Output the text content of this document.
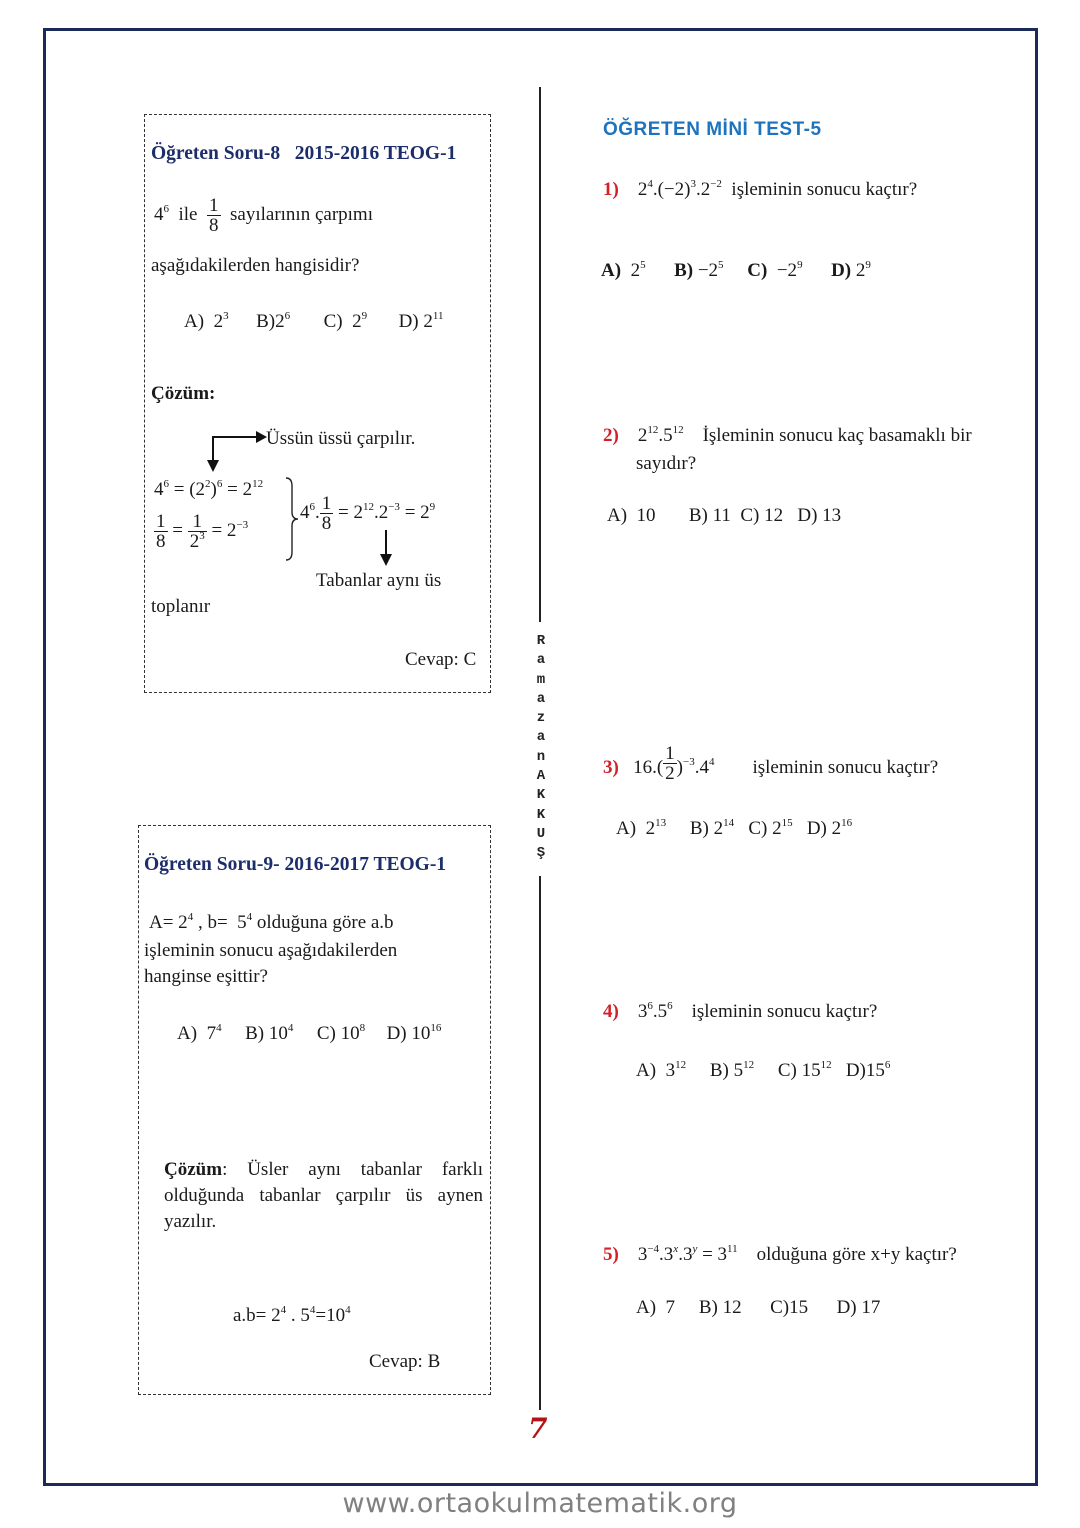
R
a
m
a
z
a
n
A
K
K
U
Ş
Öğreten Soru-8   2015-2016 TEOG-1
$4^6$ ile $\frac{1}{8}$ sayılarının çarpımı
aşağıdakilerden hangisidir?
A) $2^3$ $B)2^6$ C) $2^9$ D) $2^{11}$
Çözüm:
Üssün üssü çarpılır.
$4^6 = (2^2)^6 = 2^{12}$
$\frac{1}{8} = \frac{1}{2^3} = 2^{-3}$
$4^6$. $\frac{1}{8} = 2^{12}.2^{-3} = 2^9$
Tabanlar aynı üs
toplanır
Cevap: C
Öğreten Soru-9- 2016-2017 TEOG-1
$A= 2^4$ , $b= 5^4$ olduğuna göre a.b
işleminin sonucu aşağıdakilerden
hanginse eşittir?
A) $7^4$ B) $10^4$ C) $10^8$ D) $10^{16}$
Çözüm: Üsler aynı tabanlar farklı olduğunda tabanlar çarpılır üs aynen yazılır.
$a.b= 2^4$ . $5^4=10^4$
Cevap: B
ÖĞRETEN MİNİ TEST-5
1)    $2^4.(-2)^3.2^{-2}$ işleminin sonucu kaçtır?

A) $2^5$ $B) -2^5$ $C) -2^9$ D) $2^9$
2)    $2^{12}.5^{12}$ İşleminin sonucu kaç basamaklı bir
sayıdır?
A)  10 B) 11 C) 12 D) 13
3)   $16.( \frac{1}{2} )^{-3}.4^4$ işleminin sonucu kaçtır?
A) $2^{13}$ B) $2^{14}$ C) $2^{15}$ D) $2^{16}$
4)    $3^6.5^6$ işleminin sonucu kaçtır?
A) $3^{12}$ B) $5^{12}$ C) $15^{12}$ $D)15^6$
5)    $3^{-4}.3^x.3^y = 3^{11}$ olduğuna göre x+y kaçtır?
A)  7 B) 12 C)15 D) 17
7
www.ortaokulmatematik.org
